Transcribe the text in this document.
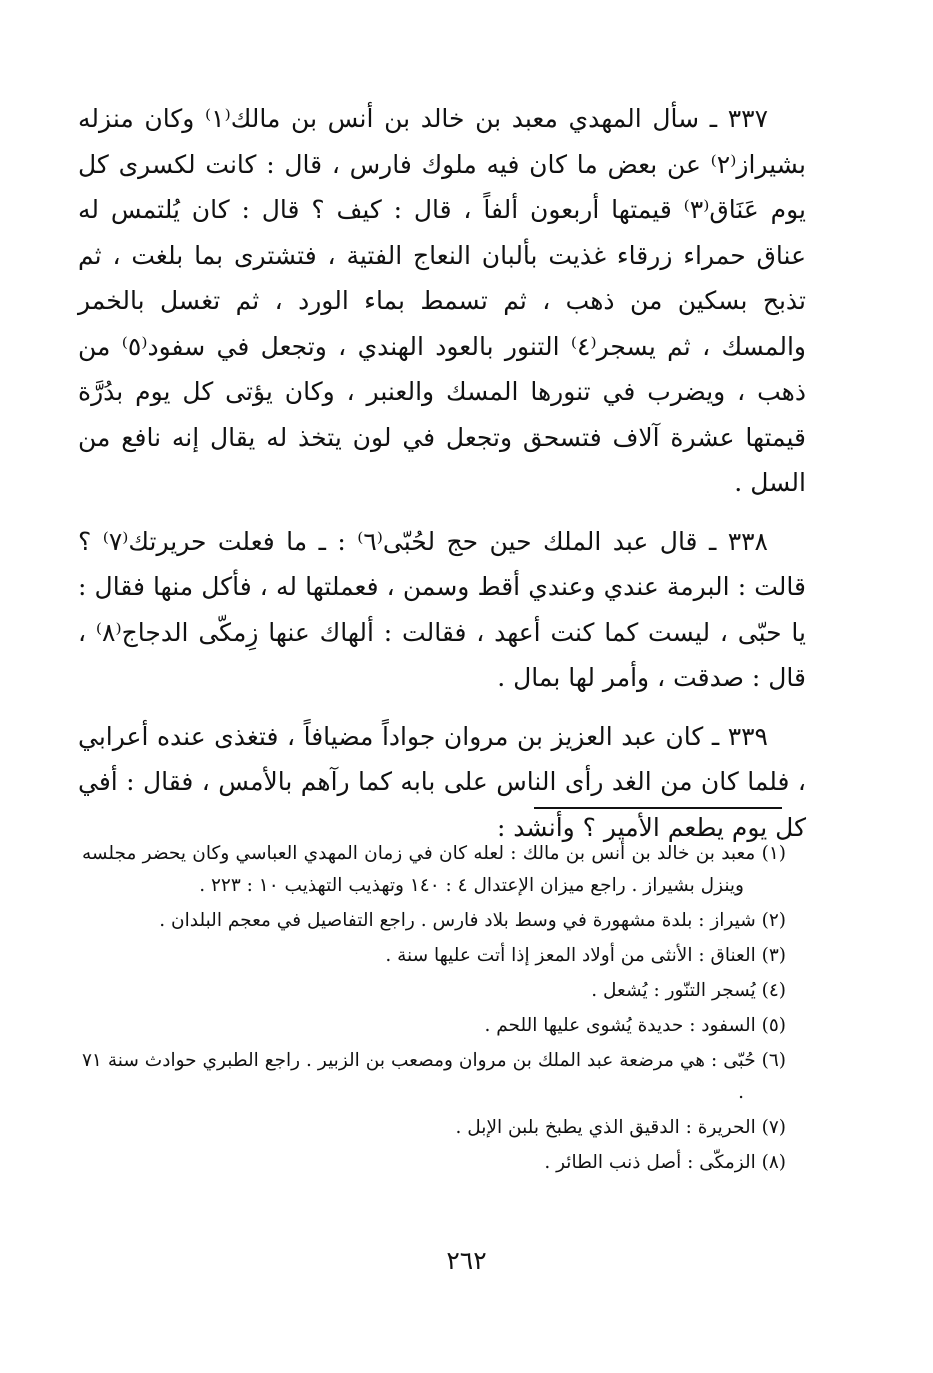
٣٣٧ ـ سأل المهدي معبد بن خالد بن أنس بن مالك⁽١⁾ وكان منزله بشيراز⁽٢⁾ عن بعض ما كان فيه ملوك فارس ، قال : كانت لكسرى كل يوم عَنَاق⁽٣⁾ قيمتها أربعون ألفاً ، قال : كيف ؟ قال : كان يُلتمس له عناق حمراء زرقاء غذيت بألبان النعاج الفتية ، فتشترى بما بلغت ، ثم تذبح بسكين من ذهب ، ثم تسمط بماء الورد ، ثم تغسل بالخمر والمسك ، ثم يسجر⁽٤⁾ التنور بالعود الهندي ، وتجعل في سفود⁽٥⁾ من ذهب ، ويضرب في تنورها المسك والعنبر ، وكان يؤتى كل يوم بدُرَّة قيمتها عشرة آلاف فتسحق وتجعل في لون يتخذ له يقال إنه نافع من السل .

٣٣٨ ـ قال عبد الملك حين حج لحُبّى⁽٦⁾ : ـ ما فعلت حريرتك⁽٧⁾ ؟ قالت : البرمة عندي وعندي أقط وسمن ، فعملتها له ، فأكل منها فقال : يا حبّى ، ليست كما كنت أعهد ، فقالت : ألهاك عنها زِمكّى الدجاج⁽٨⁾ ، قال : صدقت ، وأمر لها بمال .

٣٣٩ ـ كان عبد العزيز بن مروان جواداً مضيافاً ، فتغذى عنده أعرابي ، فلما كان من الغد رأى الناس على بابه كما رآهم بالأمس ، فقال : أفي كل يوم يطعم الأمير ؟ وأنشد :

(١) معبد بن خالد بن أنس بن مالك : لعله كان في زمان المهدي العباسي وكان يحضر مجلسه وينزل بشيراز . راجع ميزان الإعتدال ٤ : ١٤٠ وتهذيب التهذيب ١٠ : ٢٢٣ .

(٢) شيراز : بلدة مشهورة في وسط بلاد فارس . راجع التفاصيل في معجم البلدان .

(٣) العناق : الأنثى من أولاد المعز إذا أتت عليها سنة .

(٤) يُسجر التنّور : يُشعل .

(٥) السفود : حديدة يُشوى عليها اللحم .

(٦) حُبّى : هي مرضعة عبد الملك بن مروان ومصعب بن الزبير . راجع الطبري حوادث سنة ٧١ .

(٧) الحريرة : الدقيق الذي يطبخ بلبن الإبل .

(٨) الزمكّى : أصل ذنب الطائر .

٢٦٢
